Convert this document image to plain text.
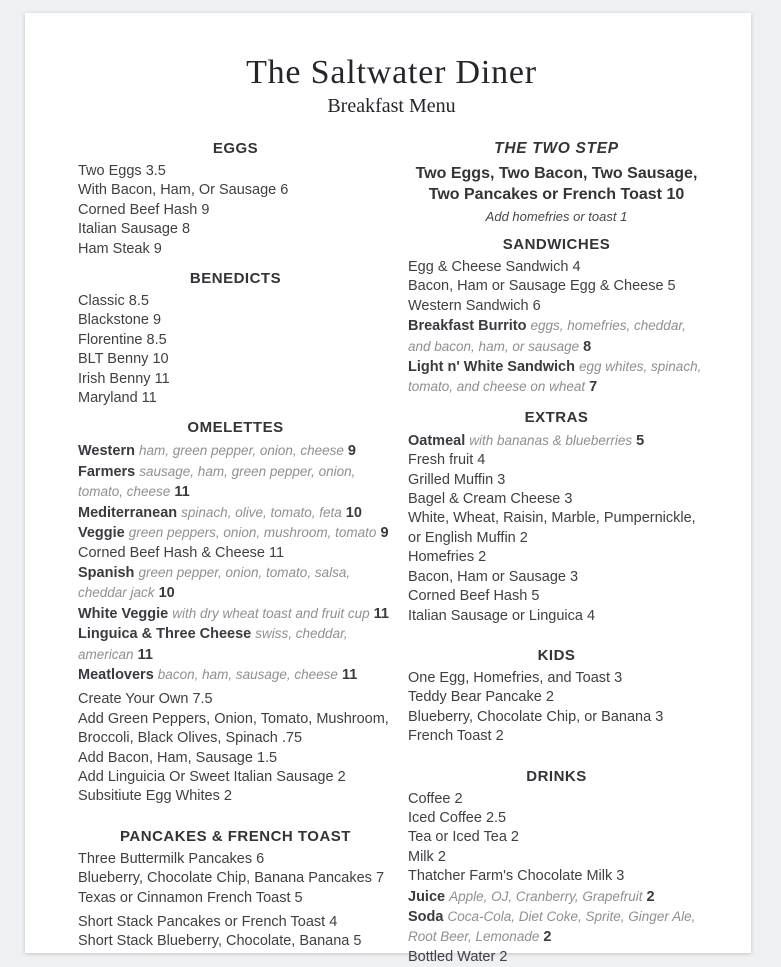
The Saltwater Diner
Breakfast Menu
EGGS
Two Eggs 3.5
With Bacon, Ham, Or Sausage 6
Corned Beef Hash 9
Italian Sausage 8
Ham Steak 9
BENEDICTS
Classic 8.5
Blackstone 9
Florentine 8.5
BLT Benny 10
Irish Benny 11
Maryland 11
OMELETTES
Western ham, green pepper, onion, cheese 9
Farmers sausage, ham, green pepper, onion, tomato, cheese 11
Mediterranean spinach, olive, tomato, feta 10
Veggie green peppers, onion, mushroom, tomato 9
Corned Beef Hash & Cheese 11
Spanish green pepper, onion, tomato, salsa, cheddar jack 10
White Veggie with dry wheat toast and fruit cup 11
Linguica & Three Cheese swiss, cheddar, american 11
Meatlovers bacon, ham, sausage, cheese 11
Create Your Own 7.5
Add Green Peppers, Onion, Tomato, Mushroom, Broccoli, Black Olives, Spinach .75
Add Bacon, Ham, Sausage 1.5
Add Linguicia Or Sweet Italian Sausage 2
Subsitiute Egg Whites 2
PANCAKES & FRENCH TOAST
Three Buttermilk Pancakes 6
Blueberry, Chocolate Chip, Banana Pancakes 7
Texas or Cinnamon French Toast 5
Short Stack Pancakes or French Toast 4
Short Stack Blueberry, Chocolate, Banana 5
THE TWO STEP
Two Eggs, Two Bacon, Two Sausage,
Two Pancakes or French Toast 10
Add homefries or toast 1
SANDWICHES
Egg & Cheese Sandwich 4
Bacon, Ham or Sausage Egg & Cheese 5
Western Sandwich 6
Breakfast Burrito eggs, homefries, cheddar, and bacon, ham, or sausage 8
Light n' White Sandwich egg whites, spinach, tomato, and cheese on wheat 7
EXTRAS
Oatmeal with bananas & blueberries 5
Fresh fruit 4
Grilled Muffin 3
Bagel & Cream Cheese 3
White, Wheat, Raisin, Marble, Pumpernickle, or English Muffin 2
Homefries 2
Bacon, Ham or Sausage 3
Corned Beef Hash 5
Italian Sausage or Linguica 4
KIDS
One Egg, Homefries, and Toast 3
Teddy Bear Pancake 2
Blueberry, Chocolate Chip, or Banana 3
French Toast 2
DRINKS
Coffee 2
Iced Coffee 2.5
Tea or Iced Tea 2
Milk 2
Thatcher Farm's Chocolate Milk 3
Juice Apple, OJ, Cranberry, Grapefruit 2
Soda Coca-Cola, Diet Coke, Sprite, Ginger Ale, Root Beer, Lemonade 2
Bottled Water 2
